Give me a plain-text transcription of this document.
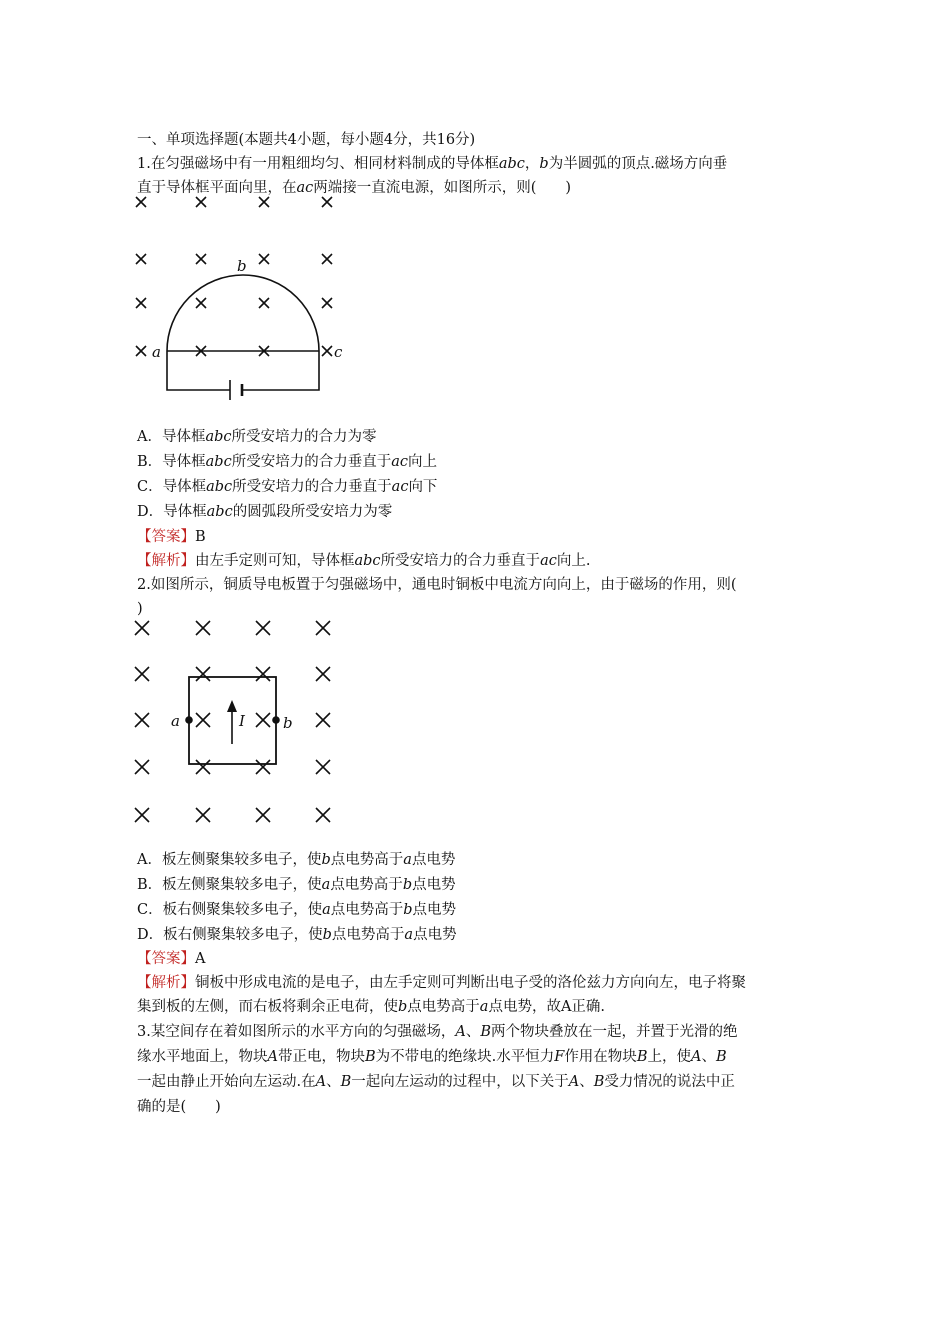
一、单项选择题(本题共4小题，每小题4分，共16分)
1.在匀强磁场中有一用粗细均匀、相同材料制成的导体框abc，b为半圆弧的顶点.磁场方向垂
直于导体框平面向里，在ac两端接一直流电源，如图所示，则(　　)
a
b
c
A．导体框abc所受安培力的合力为零
B．导体框abc所受安培力的合力垂直于ac向上
C．导体框abc所受安培力的合力垂直于ac向下
D．导体框abc的圆弧段所受安培力为零
【答案】B
【解析】由左手定则可知，导体框abc所受安培力的合力垂直于ac向上.
2.如图所示，铜质导电板置于匀强磁场中，通电时铜板中电流方向向上，由于磁场的作用，则(
)
a	b
I
A．板左侧聚集较多电子，使b点电势高于a点电势
B．板左侧聚集较多电子，使a点电势高于b点电势
C．板右侧聚集较多电子，使a点电势高于b点电势
D．板右侧聚集较多电子，使b点电势高于a点电势
【答案】A
【解析】铜板中形成电流的是电子，由左手定则可判断出电子受的洛伦兹力方向向左，电子将聚
集到板的左侧，而右板将剩余正电荷，使b点电势高于a点电势，故A正确.
3.某空间存在着如图所示的水平方向的匀强磁场，A、B两个物块叠放在一起，并置于光滑的绝
缘水平地面上，物块A带正电，物块B为不带电的绝缘块.水平恒力F作用在物块B上，使A、B
一起由静止开始向左运动.在A、B一起向左运动的过程中，以下关于A、B受力情况的说法中正
确的是(　　)
